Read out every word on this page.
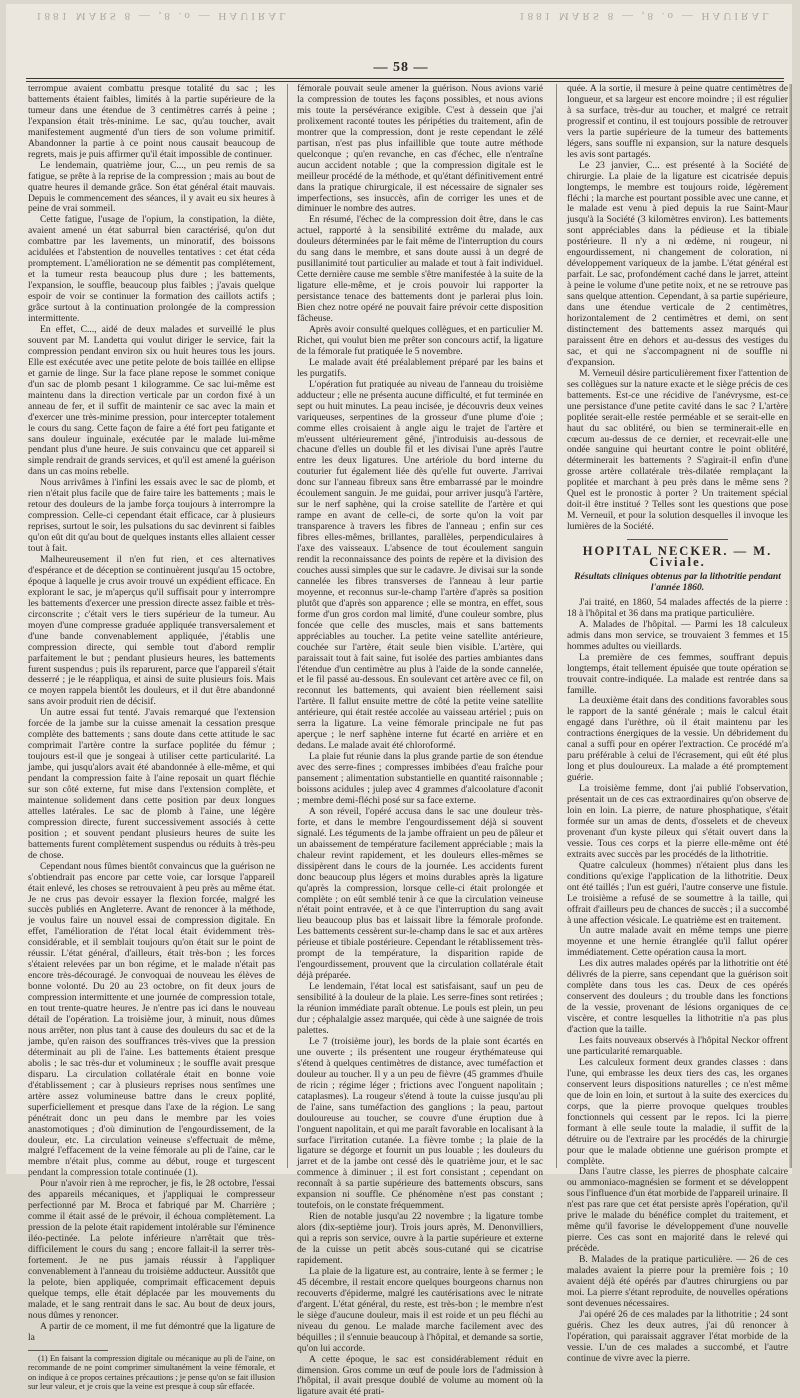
1881 MARS 8 — ,8 .o — HAUIRAL	1881 MARS 8 — ,8 .o — HAUIRAL
— 58 —

terrompue avaient combattu presque totalité du sac ; les battements étaient faibles, limités à la partie supérieure de la tumeur dans une étendue de 3 centimètres carrés à peine ; l'expansion était très-minime. Le sac, qu'au toucher, avait manifestement augmenté d'un tiers de son volume primitif. Abandonner la partie à ce point nous causait beaucoup de regrets, mais je puis affirmer qu'il était impossible de continuer.

Le lendemain, quatrième jour, C..., un peu remis de sa fatigue, se prête à la reprise de la compression ; mais au bout de quatre heures il demande grâce. Son état général était mauvais. Depuis le commencement des séances, il y avait eu six heures à peine de vrai sommeil.

Cette fatigue, l'usage de l'opium, la constipation, la diète, avaient amené un état saburral bien caractérisé, qu'on dut combattre par les lavements, un minoratif, des boissons acidulées et l'abstention de nouvelles tentatives : cet état céda promptement. L'amélioration ne se démentit pas complétement, et la tumeur resta beaucoup plus dure ; les battements, l'expansion, le souffle, beaucoup plus faibles ; j'avais quelque espoir de voir se continuer la formation des caillots actifs ; grâce surtout à la continuation prolongée de la compression intermittente.

En effet, C..., aidé de deux malades et surveillé le plus souvent par M. Landetta qui voulut diriger le service, fait la compression pendant environ six ou huit heures tous les jours. Elle est exécutée avec une petite pelote de bois taillée en ellipse et garnie de linge. Sur la face plane repose le sommet conique d'un sac de plomb pesant 1 kilogramme. Ce sac lui-même est maintenu dans la direction verticale par un cordon fixé à un anneau de fer, et il suffit de maintenir ce sac avec la main et d'exercer une très-minime pression, pour intercepter totalement le cours du sang. Cette façon de faire a été fort peu fatigante et sans douleur inguinale, exécutée par le malade lui-même pendant plus d'une heure. Je suis convaincu que cet appareil si simple rendrait de grands services, et qu'il est amené la guérison dans un cas moins rebelle.

Nous arrivâmes à l'infini les essais avec le sac de plomb, et rien n'était plus facile que de faire taire les battements ; mais le retour des douleurs de la jambe força toujours à interrompre la compression. Celle-ci cependant était efficace, car à plusieurs reprises, surtout le soir, les pulsations du sac devinrent si faibles qu'on eût dit qu'au bout de quelques instants elles allaient cesser tout à fait.

Malheureusement il n'en fut rien, et ces alternatives d'espérance et de déception se continuèrent jusqu'au 15 octobre, époque à laquelle je crus avoir trouvé un expédient efficace. En explorant le sac, je m'aperçus qu'il suffisait pour y interrompre les battements d'exercer une pression directe assez faible et très-circonscrite ; c'était vers le tiers supérieur de la tumeur. Au moyen d'une compresse graduée appliquée transversalement et d'une bande convenablement appliquée, j'établis une compression directe, qui semble tout d'abord remplir parfaitement le but ; pendant plusieurs heures, les battements furent suspendus ; puis ils reparurent, parce que l'appareil s'était desserré ; je le réappliqua, et ainsi de suite plusieurs fois. Mais ce moyen rappela bientôt les douleurs, et il dut être abandonné sans avoir produit rien de décisif.

Un autre essai fut tenté. J'avais remarqué que l'extension forcée de la jambe sur la cuisse amenait la cessation presque complète des battements ; sans doute dans cette attitude le sac comprimait l'artère contre la surface poplitée du fémur ; toujours est-il que je songeai à utiliser cette particularité. La jambe, qui jusqu'alors avait été abandonnée à elle-même, et qui pendant la compression faite à l'aine reposait un quart fléchie sur son côté externe, fut mise dans l'extension complète, et maintenue solidement dans cette position par deux longues attelles latérales. Le sac de plomb à l'aine, une légère compression directe, furent successivement associés à cette position ; et souvent pendant plusieurs heures de suite les battements furent complètement suspendus ou réduits à très-peu de chose.

Cependant nous fûmes bientôt convaincus que la guérison ne s'obtiendrait pas encore par cette voie, car lorsque l'appareil était enlevé, les choses se retrouvaient à peu près au même état. Je ne crus pas devoir essayer la flexion forcée, malgré les succès publiés en Angleterre. Avant de renoncer à la méthode, je voulus faire un nouvel essai de compression digitale. En effet, l'amélioration de l'état local était évidemment très-considérable, et il semblait toujours qu'on était sur le point de réussir. L'état général, d'ailleurs, était très-bon ; les forces s'étaient relevées par un bon régime, et le malade n'était pas encore très-découragé. Je convoquai de nouveau les élèves de bonne volonté. Du 20 au 23 octobre, on fit deux jours de compression intermittente et une journée de compression totale, en tout trente-quatre heures. Je n'entre pas ici dans le nouveau détail de l'opération. La troisième jour, à minuit, nous dûmes nous arrêter, non plus tant à cause des douleurs du sac et de la jambe, qu'en raison des souffrances très-vives que la pression déterminait au pli de l'aine. Les battements étaient presque abolis ; le sac très-dur et volumineux ; le souffle avait presque disparu. La circulation collatérale était en bonne voie d'établissement ; car à plusieurs reprises nous sentîmes une artère assez volumineuse battre dans le creux poplité, superficiellement et presque dans l'axe de la région. Le sang pénétrait donc un peu dans le membre par les voies anastomotiques ; d'où diminution de l'engourdissement, de la douleur, etc. La circulation veineuse s'effectuait de même, malgré l'effacement de la veine fémorale au pli de l'aine, car le membre n'était plus, comme au début, rouge et turgescent pendant la compression totale continuée (1).

Pour n'avoir rien à me reprocher, je fis, le 28 octobre, l'essai des appareils mécaniques, et j'appliquai le compresseur perfectionné par M. Broca et fabriqué par M. Charrière ; comme il était assé de le prévoir, il échoua complètement. La pression de la pelote était rapidement intolérable sur l'éminence iléo-pectinée. La pelote inférieure n'arrêtait que très-difficilement le cours du sang ; encore fallait-il la serrer très-fortement. Je ne pus jamais réussir à l'appliquer convenablement à l'anneau du troisième adducteur. Aussitôt que la pelote, bien appliquée, comprimait efficacement depuis quelque temps, elle était déplacée par les mouvements du malade, et le sang rentrait dans le sac. Au bout de deux jours, nous dûmes y renoncer.

A partir de ce moment, il me fut démontré que la ligature de la

(1) En faisant la compression digitale ou mécanique au pli de l'aine, on recommande de ne point comprimer simultanément la veine fémorale, et on indique à ce propos certaines précautions ; je pense qu'on se fait illusion sur leur valeur, et je crois que la veine est presque à coup sûr effacée.

fémorale pouvait seule amener la guérison. Nous avions varié la compression de toutes les façons possibles, et nous avions mis toute la persévérance exigible. C'est à dessein que j'ai prolixement raconté toutes les péripéties du traitement, afin de montrer que la compression, dont je reste cependant le zélé partisan, n'est pas plus infaillible que toute autre méthode quelconque ; qu'en revanche, en cas d'échec, elle n'entraîne aucun accident notable ; que la compression digitale est le meilleur procédé de la méthode, et qu'étant définitivement entré dans la pratique chirurgicale, il est nécessaire de signaler ses imperfections, ses insuccès, afin de corriger les unes et de diminuer le nombre des autres.

En résumé, l'échec de la compression doit être, dans le cas actuel, rapporté à la sensibilité extrême du malade, aux douleurs déterminées par le fait même de l'interruption du cours du sang dans le membre, et sans doute aussi à un degré de pusillanimité tout particulier au malade et tout à fait individuel. Cette dernière cause me semble s'être manifestée à la suite de la ligature elle-même, et je crois pouvoir lui rapporter la persistance tenace des battements dont je parlerai plus loin. Bien chez notre opéré ne pouvait faire prévoir cette disposition fâcheuse.

Après avoir consulté quelques collègues, et en particulier M. Richet, qui voulut bien me prêter son concours actif, la ligature de la fémorale fut pratiquée le 5 novembre.

Le malade avait été préalablement préparé par les bains et les purgatifs.

L'opération fut pratiquée au niveau de l'anneau du troisième adducteur ; elle ne présenta aucune difficulté, et fut terminée en sept ou huit minutes. La peau incisée, je découvris deux veines variqueuses, serpentines de la grosseur d'une plume d'oie ; comme elles croisaient à angle aigu le trajet de l'artère et m'eussent ultérieurement gêné, j'introduisis au-dessous de chacune d'elles un double fil et les divisai l'une après l'autre entre les deux ligatures. Une artériole du bord interne du couturier fut également liée dès qu'elle fut ouverte. J'arrivai donc sur l'anneau fibreux sans être embarrassé par le moindre écoulement sanguin. Je me guidai, pour arriver jusqu'à l'artère, sur le nerf saphène, qui la croise satellite de l'artère et qui rampe en avant de celle-ci, de sorte qu'on la voit par transparence à travers les fibres de l'anneau ; enfin sur ces fibres elles-mêmes, brillantes, parallèles, perpendiculaires à l'axe des vaisseaux. L'absence de tout écoulement sanguin rendit la reconnaissance des points de repère et la division des couches aussi simples que sur le cadavre. Je divisai sur la sonde cannelée les fibres transverses de l'anneau à leur partie moyenne, et reconnus sur-le-champ l'artère d'après sa position plutôt que d'après son apparence ; elle se montra, en effet, sous forme d'un gros cordon mal limité, d'une couleur sombre, plus foncée que celle des muscles, mais et sans battements appréciables au toucher. La petite veine satellite antérieure, couchée sur l'artère, était seule bien visible. L'artère, qui paraissait tout à fait saine, fut isolée des parties ambiantes dans l'étendue d'un centimètre au plus à l'aide de la sonde cannelée, et le fil passé au-dessous. En soulevant cet artère avec ce fil, on reconnut les battements, qui avaient bien réellement saisi l'artère. Il fallut ensuite mettre de côté la petite veine satellite antérieure, qui était restée accolée au vaisseau artériel ; puis on serra la ligature. La veine fémorale principale ne fut pas aperçue ; le nerf saphène interne fut écarté en arrière et en dedans. Le malade avait été chloroformé.

La plaie fut réunie dans la plus grande partie de son étendue avec des serre-fines ; compresses imbibées d'eau fraîche pour pansement ; alimentation substantielle en quantité raisonnable ; boissons acidules ; julep avec 4 grammes d'alcoolature d'aconit ; membre demi-fléchi posé sur sa face externe.

A son réveil, l'opéré accusa dans le sac une douleur très-forte, et dans le membre l'engourdissement déjà si souvent signalé. Les téguments de la jambe offraient un peu de pâleur et un abaissement de température facilement appréciable ; mais la chaleur revint rapidement, et les douleurs elles-mêmes se dissipèrent dans le cours de la journée. Les accidents furent donc beaucoup plus légers et moins durables après la ligature qu'après la compression, lorsque celle-ci était prolongée et complète ; on eût semblé tenir à ce que la circulation veineuse n'était point entravée, et à ce que l'interruption du sang avait lieu beaucoup plus bas et laissait libre la fémorale profonde. Les battements cessèrent sur-le-champ dans le sac et aux artères périeuse et tibiale postérieure. Cependant le rétablissement très-prompt de la température, la disparition rapide de l'engourdissement, prouvent que la circulation collatérale était déjà préparée.

Le lendemain, l'état local est satisfaisant, sauf un peu de sensibilité à la douleur de la plaie. Les serre-fines sont retirées ; la réunion immédiate paraît obtenue. Le pouls est plein, un peu dur ; céphalalgie assez marquée, qui cède à une saignée de trois palettes.

Le 7 (troisième jour), les bords de la plaie sont écartés en une ouverte ; ils présentent une rougeur érythémateuse qui s'étend à quelques centimètres de distance, avec tuméfaction et douleur au toucher. Il y a un peu de fièvre (45 grammes d'huile de ricin ; régime léger ; frictions avec l'onguent napolitain ; cataplasmes). La rougeur s'étend à toute la cuisse jusqu'au pli de l'aine, sans tuméfaction des ganglions ; la peau, partout douloureuse au toucher, se couvre d'une éruption due à l'onguent napolitain, et qui me paraît favorable en localisant à la surface l'irritation cutanée. La fièvre tombe ; la plaie de la ligature se dégorge et fournit un pus louable ; les douleurs du jarret et de la jambe ont cessé dès le quatrième jour, et le sac commence à diminuer ; il est fort consistant ; cependant on reconnaît à sa partie supérieure des battements obscurs, sans expansion ni souffle. Ce phénomène n'est pas constant ; toutefois, on le constate fréquemment.

Rien de notable jusqu'au 22 novembre ; la ligature tombe alors (dix-septième jour). Trois jours après, M. Denonvilliers, qui a repris son service, ouvre à la partie supérieure et externe de la cuisse un petit abcès sous-cutané qui se cicatrise rapidement.

La plaie de la ligature est, au contraire, lente à se fermer ; le 45 décembre, il restait encore quelques bourgeons charnus non recouverts d'épiderme, malgré les cautérisations avec le nitrate d'argent. L'état général, du reste, est très-bon ; le membre n'est le siège d'aucune douleur, mais il est roide et un peu fléchi au niveau du genou. Le malade marche facilement avec des béquilles ; il s'ennuie beaucoup à l'hôpital, et demande sa sortie, qu'on lui accorde.

A cette époque, le sac est considérablement réduit en dimension. Gros comme un œuf de poule lors de l'admission à l'hôpital, il avait presque doublé de volume au moment où la ligature avait été prati-

quée. A la sortie, il mesure à peine quatre centimètres de longueur, et sa largeur est encore moindre ; il est régulier à sa surface, très-dur au toucher, et malgré ce retrait progressif et continu, il est toujours possible de retrouver vers la partie supérieure de la tumeur des battements légers, sans souffle ni expansion, sur la nature desquels les avis sont partagés.

Le 23 janvier, C... est présenté à la Société de chirurgie. La plaie de la ligature est cicatrisée depuis longtemps, le membre est toujours roide, légèrement fléchi ; la marche est pourtant possible avec une canne, et le malade est venu à pied depuis la rue Saint-Maur jusqu'à la Société (3 kilomètres environ). Les battements sont appréciables dans la pédieuse et la tibiale postérieure. Il n'y a ni œdème, ni rougeur, ni engourdissement, ni changement de coloration, ni développement variqueux de la jambe. L'état général est parfait. Le sac, profondément caché dans le jarret, atteint à peine le volume d'une petite noix, et ne se retrouve pas sans quelque attention. Cependant, à sa partie supérieure, dans une étendue verticale de 2 centimètres, horizontalement de 2 centimètres et demi, on sent distinctement des battements assez marqués qui paraissent être en dehors et au-dessus des vestiges du sac, et qui ne s'accompagnent ni de souffle ni d'expansion.

M. Verneuil désire particulièrement fixer l'attention de ses collègues sur la nature exacte et le siège précis de ces battements. Est-ce une récidive de l'anévrysme, est-ce une persistance d'une petite cavité dans le sac ? L'artère poplitée serait-elle restée perméable et se serait-elle en haut du sac oblitéré, ou bien se terminerait-elle en cœcum au-dessus de ce dernier, et recevrait-elle une ondée sanguine qui heurtant contre le point oblitéré, déterminerait les battements ? S'agirait-il enfin d'une grosse artère collatérale très-dilatée remplaçant la poplitée et marchant à peu près dans le même sens ? Quel est le pronostic à porter ? Un traitement spécial doit-il être institué ? Telles sont les questions que pose M. Verneuil, et pour la solution desquelles il invoque les lumières de la Société.

HOPITAL NECKER. — M. Civiale.

Résultats cliniques obtenus par la lithotritie pendant l'année 1860.

J'ai traité, en 1860, 54 malades affectés de la pierre : 18 à l'hôpital et 36 dans ma pratique particulière.

A. Malades de l'hôpital. — Parmi les 18 calculeux admis dans mon service, se trouvaient 3 femmes et 15 hommes adultes ou vieillards.

La première de ces femmes, souffrant depuis longtemps, était tellement épuisée que toute opération se trouvait contre-indiquée. La malade est rentrée dans sa famille.

La deuxième était dans des conditions favorables sous le rapport de la santé générale ; mais le calcul était engagé dans l'urèthre, où il était maintenu par les contractions énergiques de la vessie. Un débridement du canal a suffi pour en opérer l'extraction. Ce procédé m'a paru préférable à celui de l'écrasement, qui eût été plus long et plus douloureux. La malade a été promptement guérie.

La troisième femme, dont j'ai publié l'observation, présentait un de ces cas extraordinaires qu'on observe de loin en loin. La pierre, de nature phosphatique, s'était formée sur un amas de dents, d'osselets et de cheveux provenant d'un kyste pileux qui s'était ouvert dans la vessie. Tous ces corps et la pierre elle-même ont été extraits avec succès par les procédés de la lithotritie.

Quatre calculeux (hommes) n'étaient plus dans les conditions qu'exige l'application de la lithotritie. Deux ont été taillés ; l'un est guéri, l'autre conserve une fistule. Le troisième a refusé de se soumettre à la taille, qui offrait d'ailleurs peu de chances de succès ; il a succombé à une affection vésicale. Le quatrième est en traitement.

Un autre malade avait en même temps une pierre moyenne et une hernie étranglée qu'il fallut opérer immédiatement. Cette opération causa la mort.

Les dix autres malades opérés par la lithotritie ont été délivrés de la pierre, sans cependant que la guérison soit complète dans tous les cas. Deux de ces opérés conservent des douleurs ; du trouble dans les fonctions de la vessie, provenant de lésions organiques de ce viscère, et contre lesquelles la lithotritie n'a pas plus d'action que la taille.

Les faits nouveaux observés à l'hôpital Neckor offrent une particularité remarquable.

Les calculeux forment deux grandes classes : dans l'une, qui embrasse les deux tiers des cas, les organes conservent leurs dispositions naturelles ; ce n'est même que de loin en loin, et surtout à la suite des exercices du corps, que la pierre provoque quelques troubles fonctionnels qui cessent par le repos. Ici la pierre formant à elle seule toute la maladie, il suffit de la détruire ou de l'extraire par les procédés de la chirurgie pour que le malade obtienne une guérison prompte et complète.

Dans l'autre classe, les pierres de phosphate calcaire ou ammoniaco-magnésien se forment et se développent sous l'influence d'un état morbide de l'appareil urinaire. Il n'est pas rare que cet état persiste après l'opération, qu'il prive le malade du bénéfice complet du traitement, et même qu'il favorise le développement d'une nouvelle pierre. Ces cas sont en majorité dans le relevé qui précède.

B. Malades de la pratique particulière. — 26 de ces malades avaient la pierre pour la première fois ; 10 avaient déjà été opérés par d'autres chirurgiens ou par moi. La pierre s'étant reproduite, de nouvelles opérations sont devenues nécessaires.

J'ai opéré 26 de ces malades par la lithotritie ; 24 sont guéris. Chez les deux autres, j'ai dû renoncer à l'opération, qui paraissait aggraver l'état morbide de la vessie. L'un de ces malades a succombé, et l'autre continue de vivre avec la pierre.
